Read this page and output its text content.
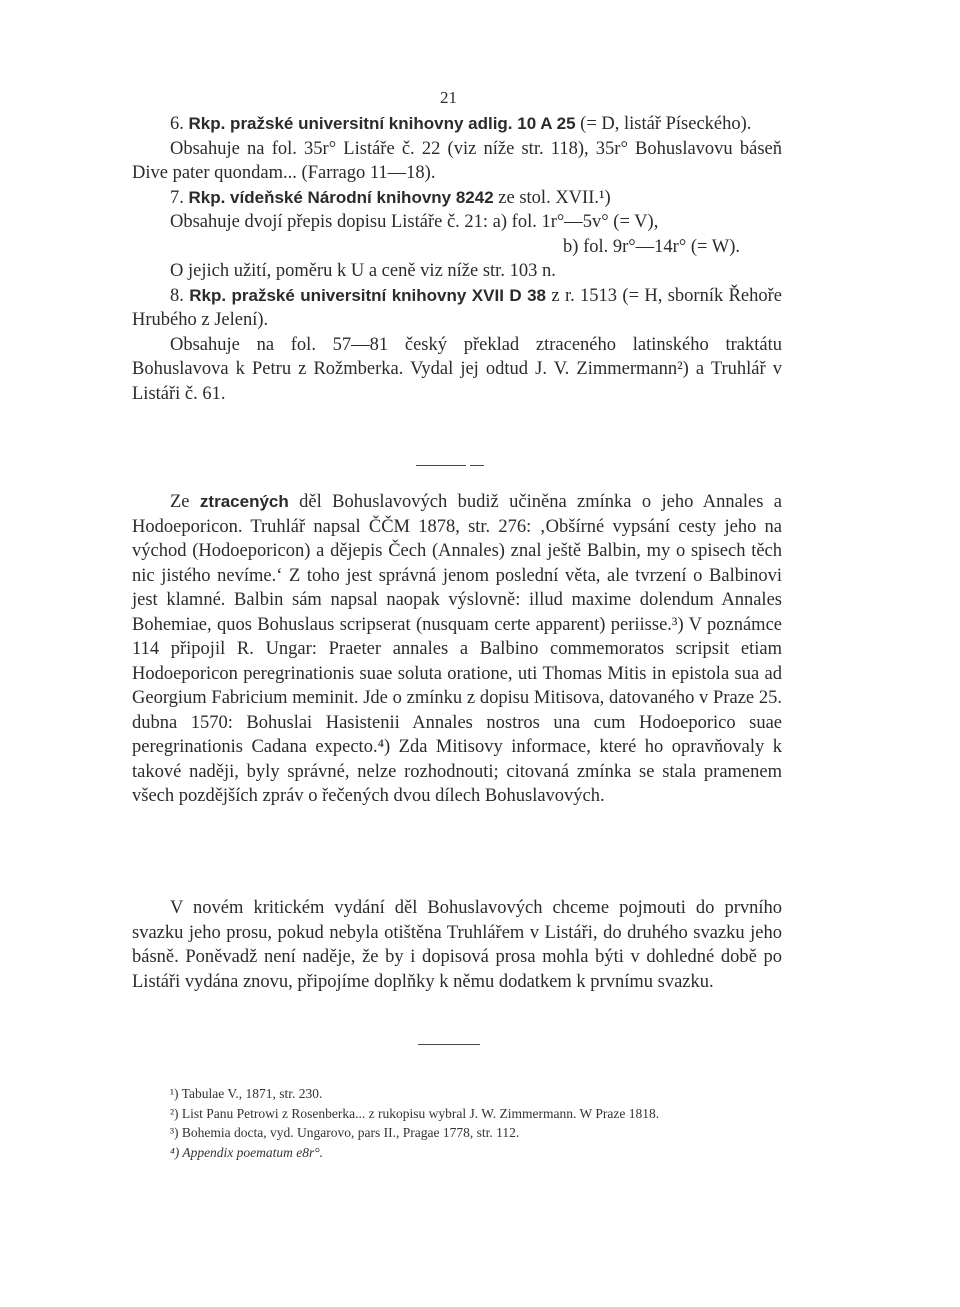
21

6. Rkp. pražské universitní knihovny adlig. 10 A 25 (= D, listář Píseckého).

Obsahuje na fol. 35r° Listáře č. 22 (viz níže str. 118), 35r° Bohuslavovu báseň Dive pater quondam... (Farrago 11—18).

7. Rkp. vídeňské Národní knihovny 8242 ze stol. XVII.¹)

Obsahuje dvojí přepis dopisu Listáře č. 21: a) fol. 1r°—5v° (= V),

b) fol. 9r°—14r° (= W).

O jejich užití, poměru k U a ceně viz níže str. 103 n.

8. Rkp. pražské universitní knihovny XVII D 38 z r. 1513 (= H, sborník Řehoře Hrubého z Jelení).

Obsahuje na fol. 57—81 český překlad ztraceného latinského traktátu Bohuslavova k Petru z Rožmberka. Vydal jej odtud J. V. Zimmermann²) a Truhlář v Listáři č. 61.

Ze ztracených děl Bohuslavových budiž učiněna zmínka o jeho Annales a Hodoeporicon. Truhlář napsal ČČM 1878, str. 276: ‚Obšírné vypsání cesty jeho na východ (Hodoeporicon) a dějepis Čech (Annales) znal ještě Balbin, my o spisech těch nic jistého nevíme.‘ Z toho jest správná jenom poslední věta, ale tvrzení o Balbinovi jest klamné. Balbin sám napsal naopak výslovně: illud maxime dolendum Annales Bohemiae, quos Bohuslaus scripserat (nusquam certe apparent) periisse.³) V poznámce 114 připojil R. Ungar: Praeter annales a Balbino commemoratos scripsit etiam Hodoeporicon peregrinationis suae soluta oratione, uti Thomas Mitis in epistola sua ad Georgium Fabricium meminit. Jde o zmínku z dopisu Mitisova, datovaného v Praze 25. dubna 1570: Bohuslai Hasistenii Annales nostros una cum Hodoeporico suae peregrinationis Cadana expecto.⁴) Zda Mitisovy informace, které ho opravňovaly k takové naději, byly správné, nelze rozhodnouti; citovaná zmínka se stala pramenem všech pozdějších zpráv o řečených dvou dílech Bohuslavových.

V novém kritickém vydání děl Bohuslavových chceme pojmouti do prvního svazku jeho prosu, pokud nebyla otištěna Truhlářem v Listáři, do druhého svazku jeho básně. Poněvadž není naděje, že by i dopisová prosa mohla býti v dohledné době po Listáři vydána znovu, připojíme doplňky k němu dodatkem k prvnímu svazku.

¹) Tabulae V., 1871, str. 230.
²) List Panu Petrowi z Rosenberka... z rukopisu wybral J. W. Zimmermann. W Praze 1818.
³) Bohemia docta, vyd. Ungarovo, pars II., Pragae 1778, str. 112.
⁴) Appendix poematum e8r°.
